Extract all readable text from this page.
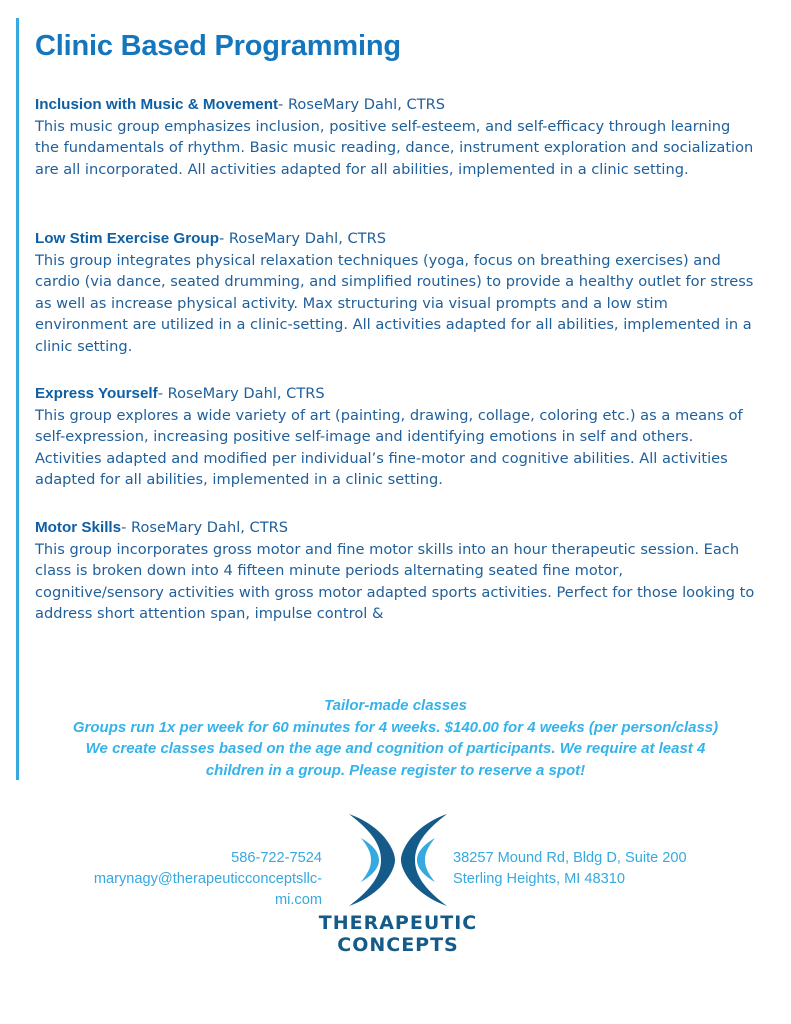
Clinic Based Programming
Inclusion with Music & Movement- RoseMary Dahl, CTRS
This music group emphasizes inclusion, positive self-esteem, and self-efficacy through learning the fundamentals of rhythm. Basic music reading, dance, instrument exploration and socialization are all incorporated. All activities adapted for all abilities, implemented in a clinic setting.
Low Stim Exercise Group- RoseMary Dahl, CTRS
This group integrates physical relaxation techniques (yoga, focus on breathing exercises) and cardio (via dance, seated drumming, and simplified routines) to provide a healthy outlet for stress as well as increase physical activity. Max structuring via visual prompts and a low stim environment are utilized in a clinic-setting. All activities adapted for all abilities, implemented in a clinic setting.
Express Yourself- RoseMary Dahl, CTRS
This group explores a wide variety of art (painting, drawing, collage, coloring etc.) as a means of self-expression, increasing positive self-image and identifying emotions in self and others. Activities adapted and modified per individual’s fine-motor and cognitive abilities. All activities adapted for all abilities, implemented in a clinic setting.
Motor Skills- RoseMary Dahl, CTRS
This group incorporates gross motor and fine motor skills into an hour therapeutic session. Each class is broken down into 4 fifteen minute periods alternating seated fine motor, cognitive/sensory activities with gross motor adapted sports activities. Perfect for those looking to address short attention span, impulse control &
Tailor-made classes
Groups run 1x per week for 60 minutes for 4 weeks. $140.00 for 4 weeks (per person/class)
We create classes based on the age and cognition of participants. We require at least 4
children in a group. Please register to reserve a spot!
586-722-7524
marynagy@therapeuticconceptsllc-
mi.com
THERAPEUTIC
CONCEPTS
38257 Mound Rd, Bldg D, Suite 200
Sterling Heights, MI 48310
